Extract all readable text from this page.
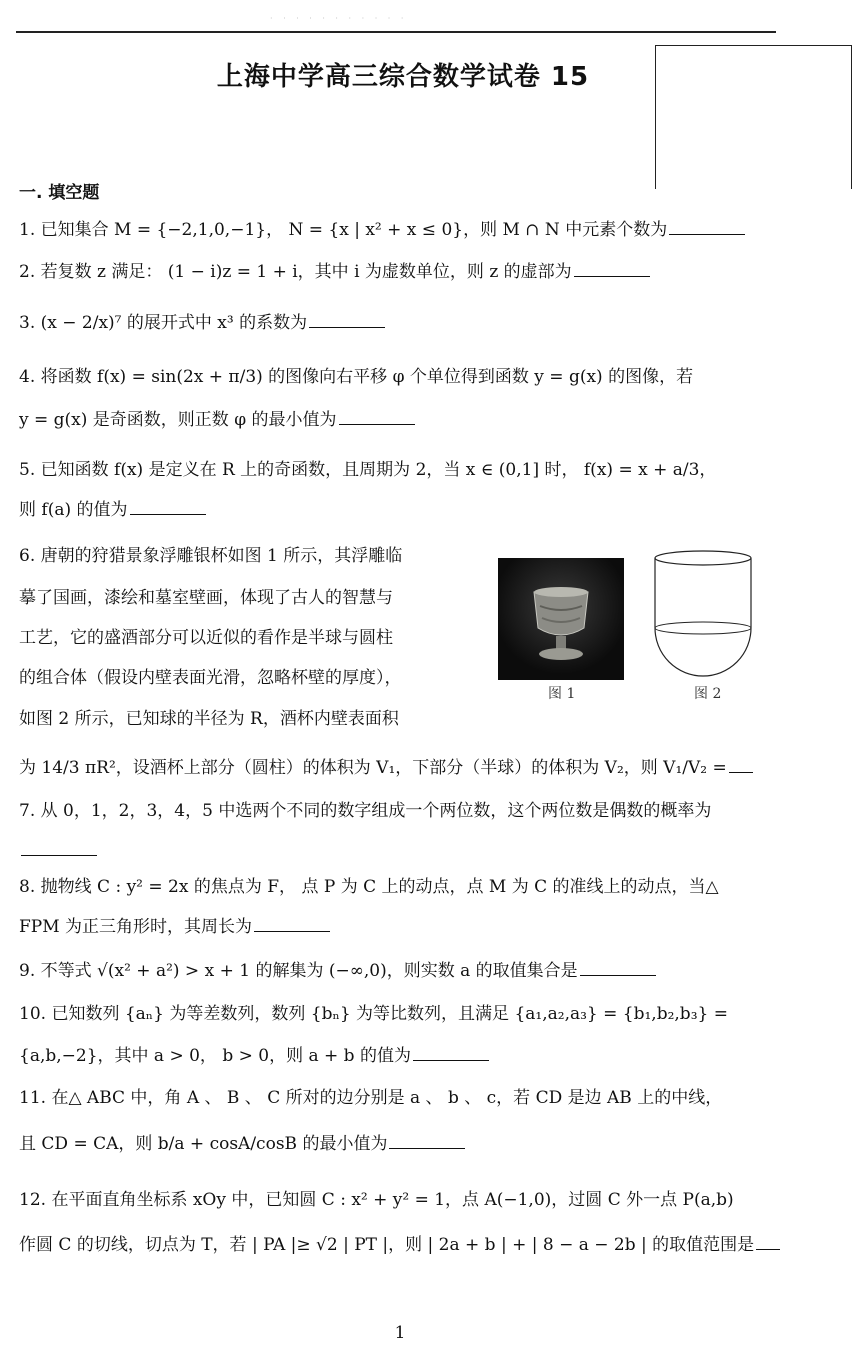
· · · · · · · · · · ·
上海中学高三综合数学试卷 15
一. 填空题
1. 已知集合 M = {−2,1,0,−1}， N = {x | x² + x ≤ 0}，则 M ∩ N 中元素个数为
2. 若复数 z 满足： (1 − i)z = 1 + i，其中 i 为虚数单位，则 z 的虚部为
3. (x − 2/x)⁷ 的展开式中 x³ 的系数为
4. 将函数 f(x) = sin(2x + π/3) 的图像向右平移 φ 个单位得到函数 y = g(x) 的图像，若
y = g(x) 是奇函数，则正数 φ 的最小值为
5. 已知函数 f(x) 是定义在 R 上的奇函数，且周期为 2，当 x ∈ (0,1] 时， f(x) = x + a/3，
则 f(a) 的值为
6. 唐朝的狩猎景象浮雕银杯如图 1 所示，其浮雕临
摹了国画，漆绘和墓室壁画，体现了古人的智慧与
工艺，它的盛酒部分可以近似的看作是半球与圆柱
的组合体（假设内壁表面光滑，忽略杯壁的厚度），
如图 2 所示，已知球的半径为 R，酒杯内壁表面积
为 14/3 πR²，设酒杯上部分（圆柱）的体积为 V₁，下部分（半球）的体积为 V₂，则 V₁/V₂ =
图 1	图 2
7. 从 0，1，2，3，4，5 中选两个不同的数字组成一个两位数，这个两位数是偶数的概率为
8. 抛物线 C : y² = 2x 的焦点为 F， 点 P 为 C 上的动点，点 M 为 C 的准线上的动点，当△
FPM 为正三角形时，其周长为
9. 不等式 √(x² + a²) > x + 1 的解集为 (−∞,0)，则实数 a 的取值集合是
10. 已知数列 {aₙ} 为等差数列，数列 {bₙ} 为等比数列，且满足 {a₁,a₂,a₃} = {b₁,b₂,b₃} =
{a,b,−2}，其中 a > 0， b > 0，则 a + b 的值为
11. 在△ ABC 中，角 A 、 B 、 C 所对的边分别是 a 、 b 、 c，若 CD 是边 AB 上的中线，
且 CD = CA，则 b/a + cosA/cosB 的最小值为
12. 在平面直角坐标系 xOy 中，已知圆 C : x² + y² = 1，点 A(−1,0)，过圆 C 外一点 P(a,b)
作圆 C 的切线，切点为 T，若 | PA |≥ √2 | PT |，则 | 2a + b | + | 8 − a − 2b | 的取值范围是
1
